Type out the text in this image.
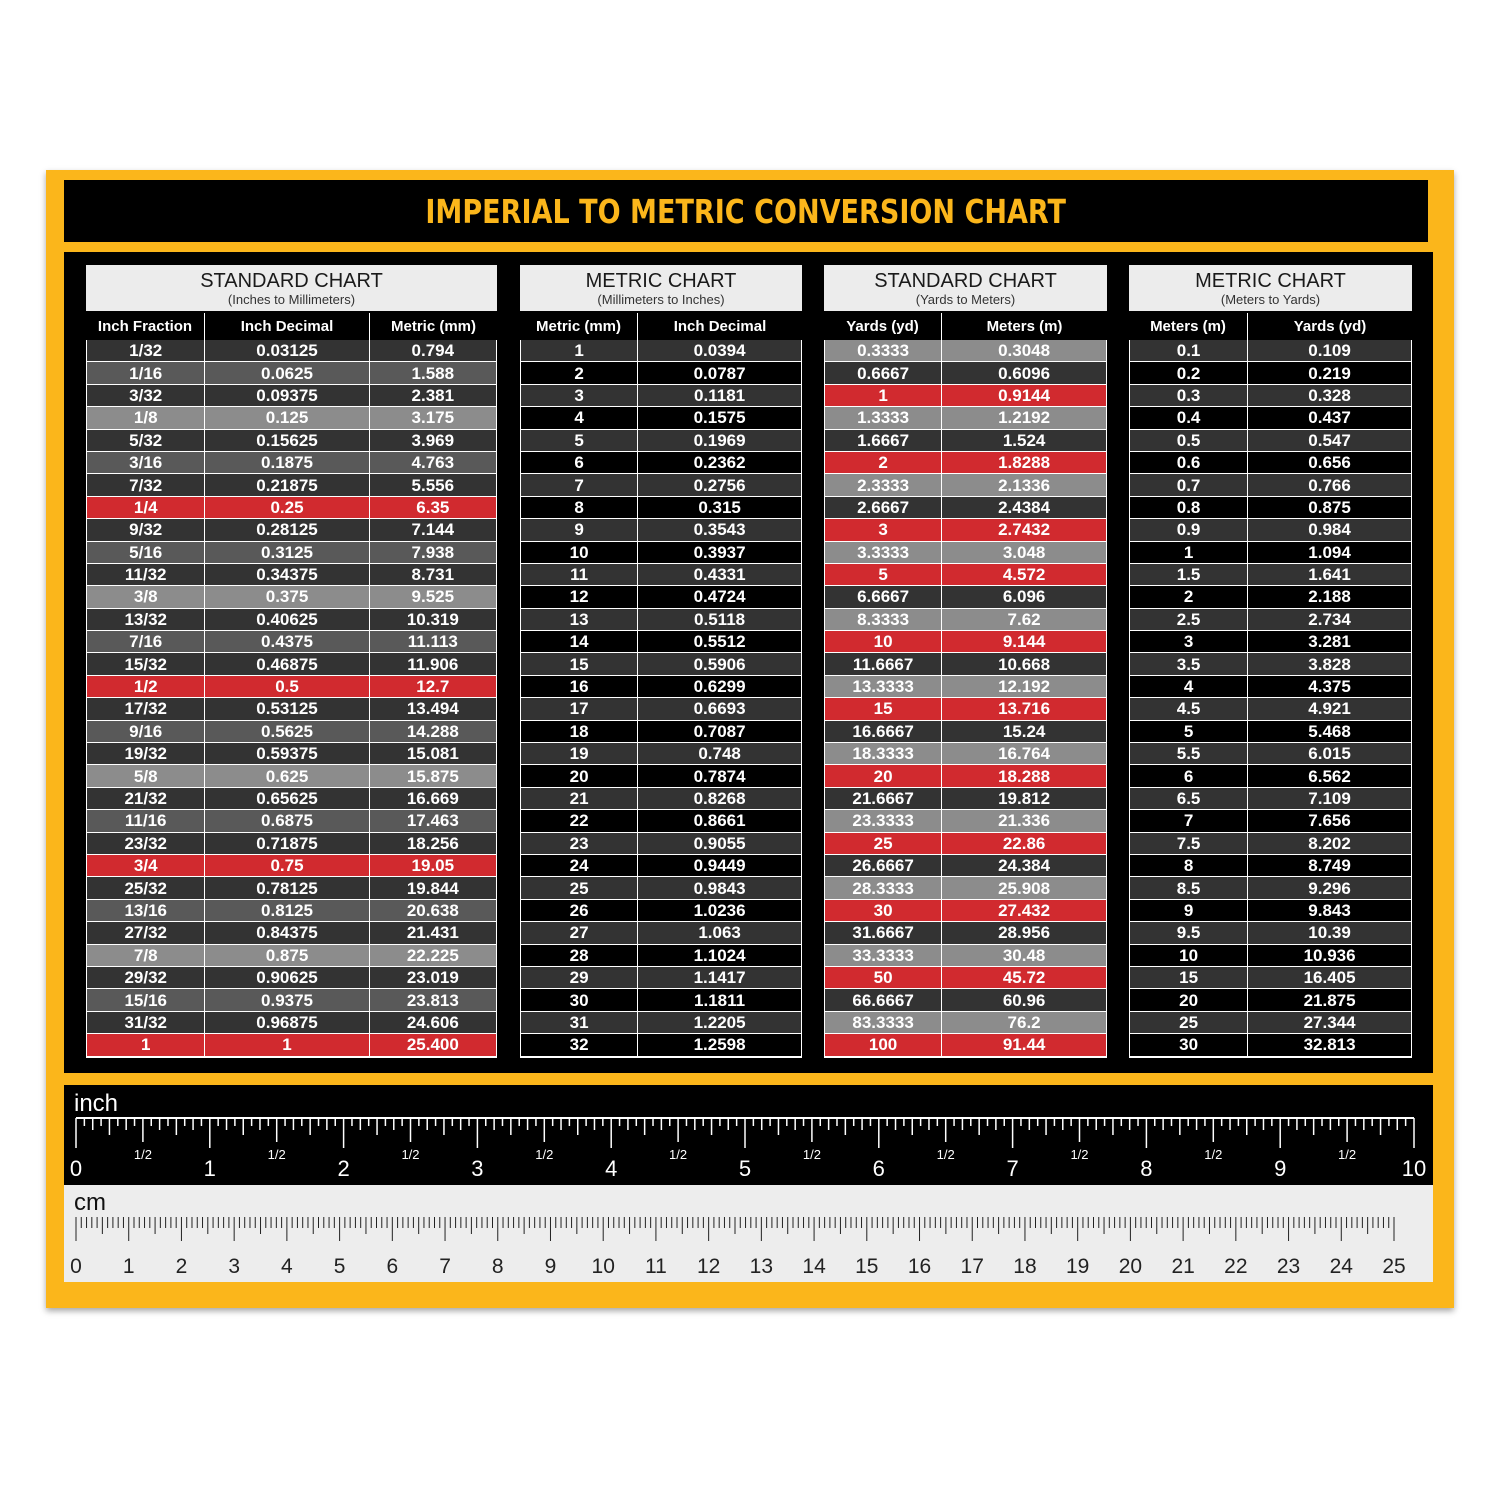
IMPERIAL TO METRIC CONVERSION CHART
STANDARD CHART
(Inches to Millimeters)
Inch Fraction	Inch Decimal	Metric (mm)
1/32	0.03125	0.794
1/16	0.0625	1.588
3/32	0.09375	2.381
1/8	0.125	3.175
5/32	0.15625	3.969
3/16	0.1875	4.763
7/32	0.21875	5.556
1/4	0.25	6.35
9/32	0.28125	7.144
5/16	0.3125	7.938
11/32	0.34375	8.731
3/8	0.375	9.525
13/32	0.40625	10.319
7/16	0.4375	11.113
15/32	0.46875	11.906
1/2	0.5	12.7
17/32	0.53125	13.494
9/16	0.5625	14.288
19/32	0.59375	15.081
5/8	0.625	15.875
21/32	0.65625	16.669
11/16	0.6875	17.463
23/32	0.71875	18.256
3/4	0.75	19.05
25/32	0.78125	19.844
13/16	0.8125	20.638
27/32	0.84375	21.431
7/8	0.875	22.225
29/32	0.90625	23.019
15/16	0.9375	23.813
31/32	0.96875	24.606
1	1	25.400
METRIC CHART
(Millimeters to Inches)
Metric (mm)	Inch Decimal
1	0.0394
2	0.0787
3	0.1181
4	0.1575
5	0.1969
6	0.2362
7	0.2756
8	0.315
9	0.3543
10	0.3937
11	0.4331
12	0.4724
13	0.5118
14	0.5512
15	0.5906
16	0.6299
17	0.6693
18	0.7087
19	0.748
20	0.7874
21	0.8268
22	0.8661
23	0.9055
24	0.9449
25	0.9843
26	1.0236
27	1.063
28	1.1024
29	1.1417
30	1.1811
31	1.2205
32	1.2598
STANDARD CHART
(Yards to Meters)
Yards (yd)	Meters (m)
0.3333	0.3048
0.6667	0.6096
1	0.9144
1.3333	1.2192
1.6667	1.524
2	1.8288
2.3333	2.1336
2.6667	2.4384
3	2.7432
3.3333	3.048
5	4.572
6.6667	6.096
8.3333	7.62
10	9.144
11.6667	10.668
13.3333	12.192
15	13.716
16.6667	15.24
18.3333	16.764
20	18.288
21.6667	19.812
23.3333	21.336
25	22.86
26.6667	24.384
28.3333	25.908
30	27.432
31.6667	28.956
33.3333	30.48
50	45.72
66.6667	60.96
83.3333	76.2
100	91.44
METRIC CHART
(Meters to Yards)
Meters (m)	Yards (yd)
0.1	0.109
0.2	0.219
0.3	0.328
0.4	0.437
0.5	0.547
0.6	0.656
0.7	0.766
0.8	0.875
0.9	0.984
1	1.094
1.5	1.641
2	2.188
2.5	2.734
3	3.281
3.5	3.828
4	4.375
4.5	4.921
5	5.468
5.5	6.015
6	6.562
6.5	7.109
7	7.656
7.5	8.202
8	8.749
8.5	9.296
9	9.843
9.5	10.39
10	10.936
15	16.405
20	21.875
25	27.344
30	32.813
inch
0
1/2
1
1/2
2
1/2
3
1/2
4
1/2
5
1/2
6
1/2
7
1/2
8
1/2
9
1/2
10
cm
0 1 2 3 4 5 6 7 8 9 10 11 12 13 14 15 16 17 18 19 20 21 22 23 24 25
